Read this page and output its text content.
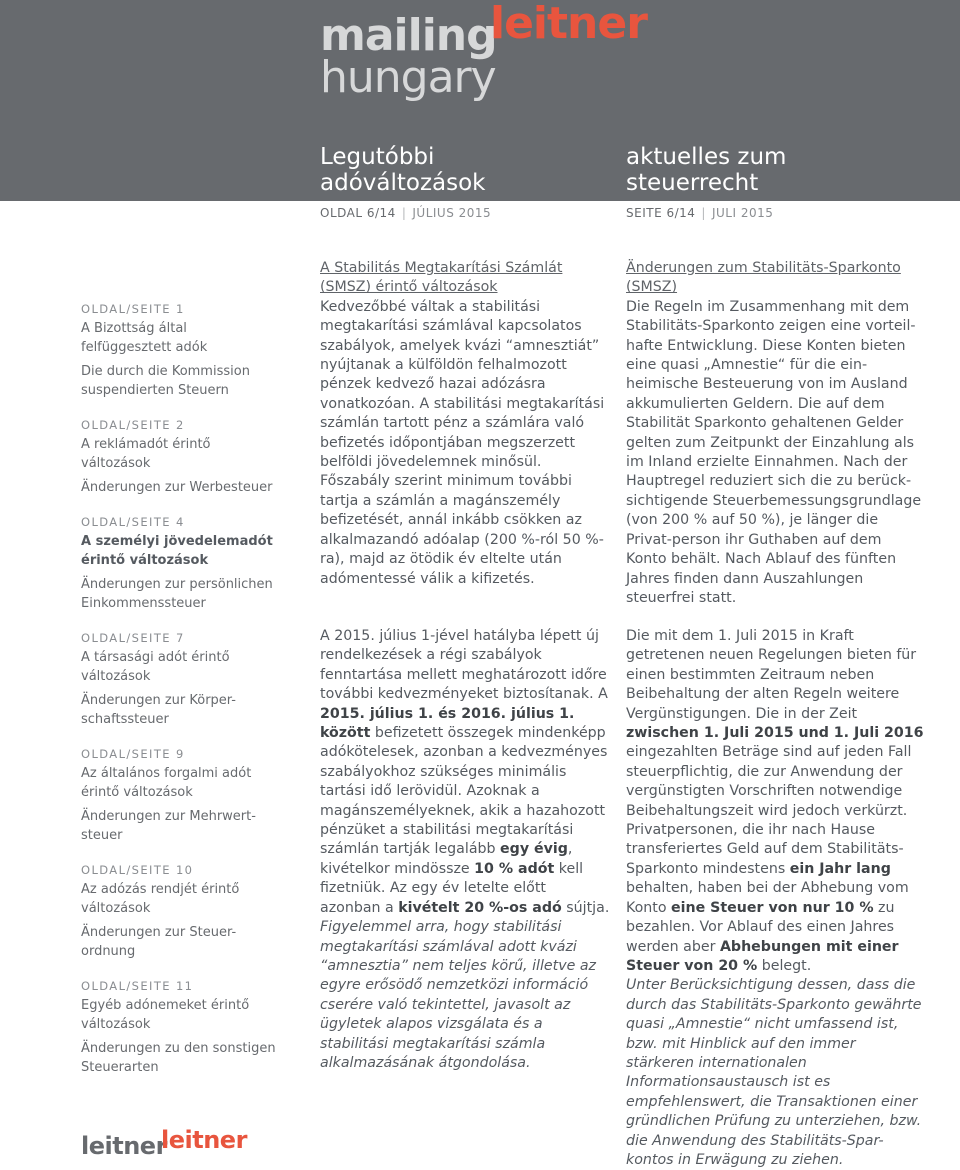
mailing
leitner
hungary
Legutóbbi adóváltozások
aktuelles zum steuerrecht
OLDAL 6/14 | JÚLIUS 2015	SEITE 6/14 | JULI 2015
OLDAL/SEITE 1
A Bizottság által felfüggesztett adók
Die durch die Kommission suspendierten Steuern
OLDAL/SEITE 2
A reklámadót érintő változások
Änderungen zur Werbesteuer
OLDAL/SEITE 4
A személyi jövedelemadót érintő változások
Änderungen zur persönlichen Einkommenssteuer
OLDAL/SEITE 7
A társasági adót érintő változások
Änderungen zur Körper-schaftssteuer
OLDAL/SEITE 9
Az általános forgalmi adót érintő változások
Änderungen zur Mehrwert-steuer
OLDAL/SEITE 10
Az adózás rendjét érintő változások
Änderungen zur Steuer-ordnung
OLDAL/SEITE 11
Egyéb adónemeket érintő változások
Änderungen zu den sonstigen Steuerarten

A Stabilitás Megtakarítási Számlát (SMSZ) érintő változások

Kedvezőbbé váltak a stabilitási megtakarítási számlával kapcsolatos szabályok, amelyek kvázi “amnesztiát” nyújtanak a külföldön felhalmozott pénzek kedvező hazai adózásra vonatkozóan. A stabilitási megtakarítási számlán tartott pénz a számlára való befizetés időpontjában megszerzett belföldi jövedelemnek minősül. Főszabály szerint minimum további tartja a számlán a magánszemély befizetését, annál inkább csökken az alkalmazandó adóalap (200 %-ról 50 %-ra), majd az ötödik év eltelte után adómentessé válik a kifizetés.

A 2015. július 1-jével hatályba lépett új rendelkezések a régi szabályok fenntartása mellett meghatározott időre további kedvezményeket biztosítanak. A 2015. július 1. és 2016. július 1. között befizetett összegek mindenképp adókötelesek, azonban a kedvezményes szabályokhoz szükséges minimális tartási idő lerövidül. Azoknak a magánszemélyeknek, akik a hazahozott pénzüket a stabilitási megtakarítási számlán tartják legalább egy évig, kivételkor mindössze 10 % adót kell fizetniük. Az egy év letelte előtt azonban a kivételt 20 %-os adó sújtja.

Figyelemmel arra, hogy stabilitási megtakarítási számlával adott kvázi “amnesztia” nem teljes körű, illetve az egyre erősödő nemzetközi információ cserére való tekintettel, javasolt az ügyletek alapos vizsgálata és a stabilitási megtakarítási számla alkalmazásának átgondolása.

Änderungen zum Stabilitäts-Sparkonto (SMSZ)

Die Regeln im Zusammenhang mit dem Stabilitäts-Sparkonto zeigen eine vorteil-hafte Entwicklung. Diese Konten bieten eine quasi „Amnestie“ für die ein-heimische Besteuerung von im Ausland akkumulierten Geldern. Die auf dem Stabilität Sparkonto gehaltenen Gelder gelten zum Zeitpunkt der Einzahlung als im Inland erzielte Einnahmen. Nach der Hauptregel reduziert sich die zu berück-sichtigende Steuerbemessungsgrundlage (von 200 % auf 50 %), je länger die Privat-person ihr Guthaben auf dem Konto behält. Nach Ablauf des fünften Jahres finden dann Auszahlungen steuerfrei statt.

Die mit dem 1. Juli 2015 in Kraft getretenen neuen Regelungen bieten für einen bestimmten Zeitraum neben Beibehaltung der alten Regeln weitere Vergünstigungen. Die in der Zeit zwischen 1. Juli 2015 und 1. Juli 2016 eingezahlten Beträge sind auf jeden Fall steuerpflichtig, die zur Anwendung der vergünstigten Vorschriften notwendige Beibehaltungszeit wird jedoch verkürzt. Privatpersonen, die ihr nach Hause transferiertes Geld auf dem Stabilitäts-Sparkonto mindestens ein Jahr lang behalten, haben bei der Abhebung vom Konto eine Steuer von nur 10 % zu bezahlen. Vor Ablauf des einen Jahres werden aber Abhebungen mit einer Steuer von 20 % belegt.

Unter Berücksichtigung dessen, dass die durch das Stabilitäts-Sparkonto gewährte quasi „Amnestie“ nicht umfassend ist, bzw. mit Hinblick auf den immer stärkeren internationalen Informationsaustausch ist es empfehlenswert, die Transaktionen einer gründlichen Prüfung zu unterziehen, bzw. die Anwendung des Stabilitäts-Spar-kontos in Erwägung zu ziehen.

leitner
leitner
